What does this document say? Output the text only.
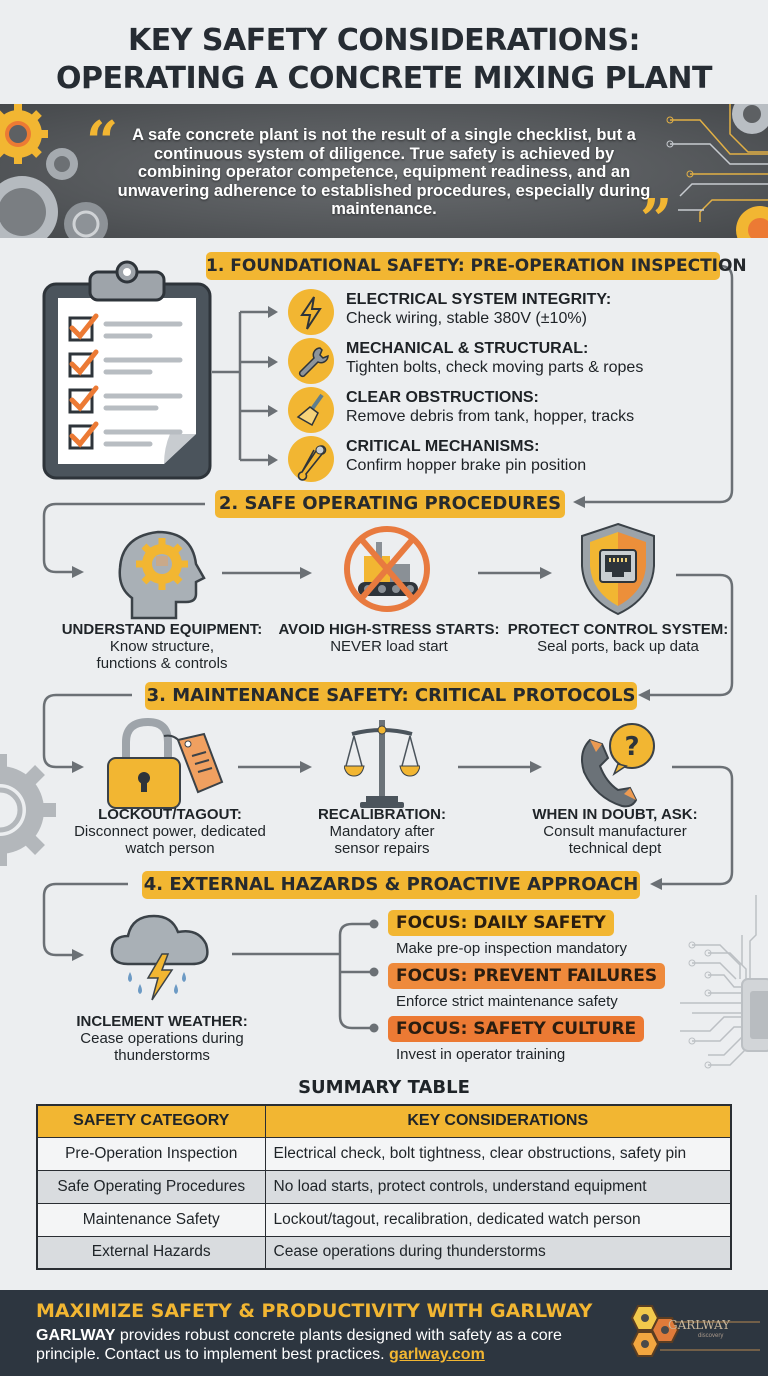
KEY SAFETY CONSIDERATIONS:
OPERATING A CONCRETE MIXING PLANT
“ A safe concrete plant is not the result of a single checklist, but a continuous system of diligence. True safety is achieved by combining operator competence, equipment readiness, and an unwavering adherence to established procedures, especially during maintenance.	”
1. FOUNDATIONAL SAFETY: PRE-OPERATION INSPECTION
ELECTRICAL SYSTEM INTEGRITY:
Check wiring, stable 380V (±10%)
MECHANICAL & STRUCTURAL:
Tighten bolts, check moving parts & ropes
CLEAR OBSTRUCTIONS:
Remove debris from tank, hopper, tracks
CRITICAL MECHANISMS:
Confirm hopper brake pin position
2. SAFE OPERATING PROCEDURES
UNDERSTAND EQUIPMENT:
Know structure, functions & controls
AVOID HIGH-STRESS STARTS:
NEVER load start
PROTECT CONTROL SYSTEM:
Seal ports, back up data
3. MAINTENANCE SAFETY: CRITICAL PROTOCOLS
?
LOCKOUT/TAGOUT:
Disconnect power, dedicated watch person
RECALIBRATION:
Mandatory after sensor repairs
WHEN IN DOUBT, ASK:
Consult manufacturer technical dept
4. EXTERNAL HAZARDS & PROACTIVE APPROACH
INCLEMENT WEATHER:
Cease operations during thunderstorms
FOCUS: DAILY SAFETY
Make pre-op inspection mandatory
FOCUS: PREVENT FAILURES
Enforce strict maintenance safety
FOCUS: SAFETY CULTURE
Invest in operator training
SUMMARY TABLE
SAFETY CATEGORY	KEY CONSIDERATIONS
Pre-Operation Inspection	Electrical check, bolt tightness, clear obstructions, safety pin
Safe Operating Procedures	No load starts, protect controls, understand equipment
Maintenance Safety	Lockout/tagout, recalibration, dedicated watch person
External Hazards	Cease operations during thunderstorms
MAXIMIZE SAFETY & PRODUCTIVITY WITH GARLWAY
GARLWAY provides robust concrete plants designed with safety as a core principle. Contact us to implement best practices. garlway.com
GARLWAY
discovery
